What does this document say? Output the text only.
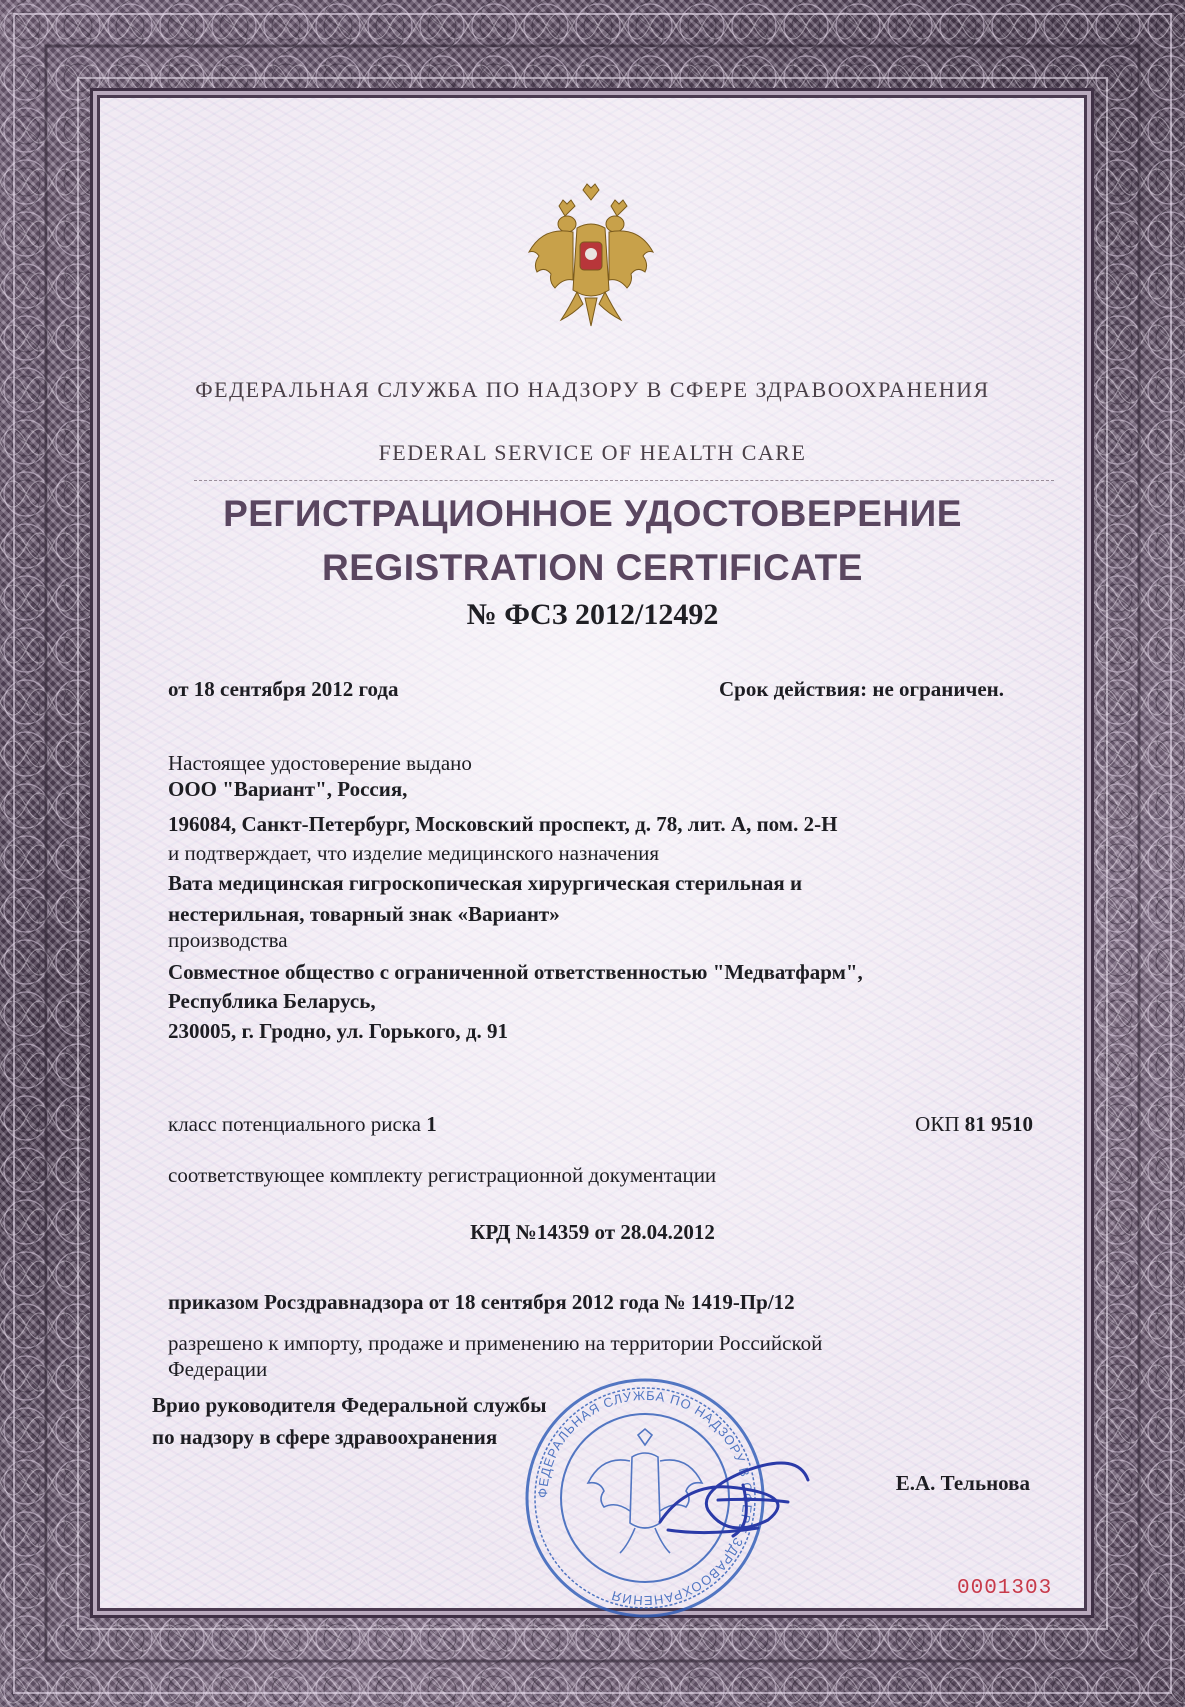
ФЕДЕРАЛЬНАЯ СЛУЖБА ПО НАДЗОРУ В СФЕРЕ ЗДРАВООХРАНЕНИЯ
FEDERAL SERVICE OF HEALTH CARE
РЕГИСТРАЦИОННОЕ УДОСТОВЕРЕНИЕ
REGISTRATION CERTIFICATE
№ ФСЗ 2012/12492
от 18 сентября 2012 года	Срок действия: не ограничен.
Настоящее удостоверение выдано
ООО "Вариант", Россия,
196084, Санкт-Петербург, Московский проспект, д. 78, лит. А, пом. 2-Н
и подтверждает, что изделие медицинского назначения
Вата медицинская гигроскопическая хирургическая стерильная и
нестерильная, товарный знак «Вариант»
производства
Совместное общество с ограниченной ответственностью "Медватфарм",
Республика Беларусь,
230005, г. Гродно, ул. Горького, д. 91
класс потенциального риска 1	ОКП 81 9510
соответствующее комплекту регистрационной документации
КРД №14359 от 28.04.2012
приказом Росздравнадзора от 18 сентября 2012 года № 1419-Пр/12
разрешено к импорту, продаже и применению на территории Российской
Федерации
ФЕДЕРАЛЬНАЯ СЛУЖБА ПО НАДЗОРУ В СФЕРЕ ЗДРАВООХРАНЕНИЯ
Врио руководителя Федеральной службы
по надзору в сфере здравоохранения
Е.А. Тельнова
0001303
